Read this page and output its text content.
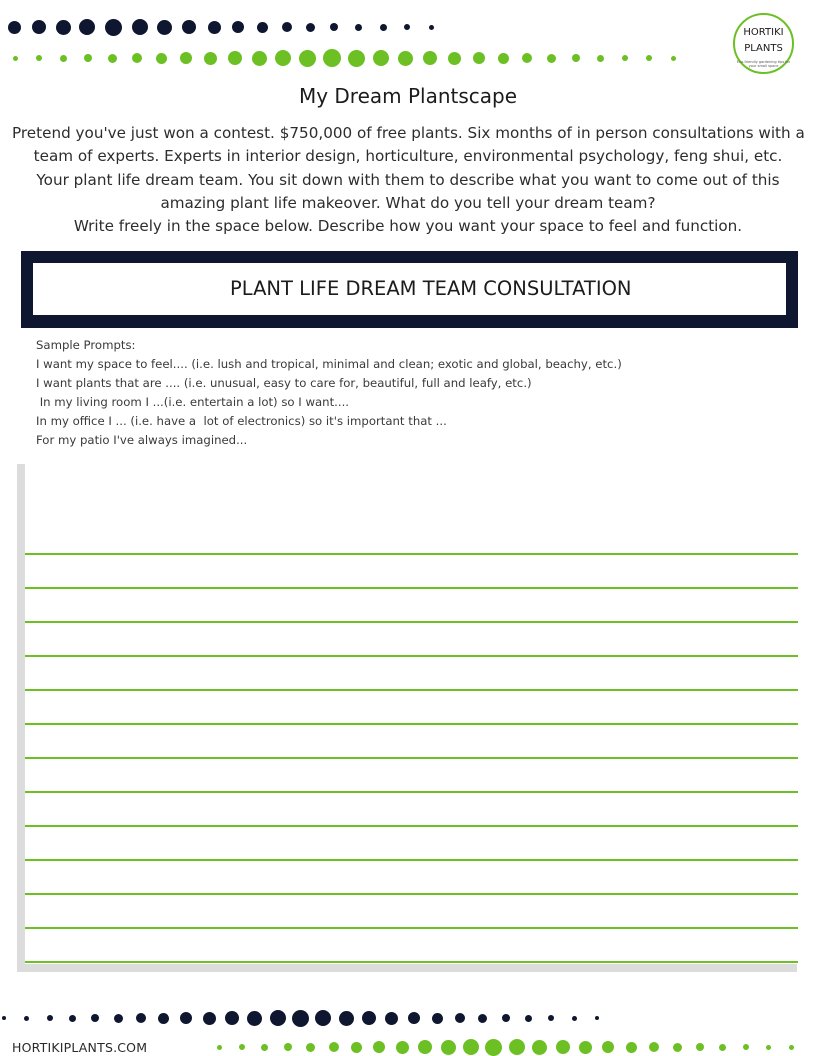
HORTIKI
PLANTS
Eco-friendly gardening tips for your small space
My Dream Plantscape
Pretend you've just won a contest. $750,000 of free plants. Six months of in person consultations with a
team of experts. Experts in interior design, horticulture, environmental psychology, feng shui, etc.
Your plant life dream team. You sit down with them to describe what you want to come out of this
amazing plant life makeover. What do you tell your dream team?
Write freely in the space below. Describe how you want your space to feel and function.
PLANT LIFE DREAM TEAM CONSULTATION
Sample Prompts:
I want my space to feel.... (i.e. lush and tropical, minimal and clean; exotic and global, beachy, etc.)
I want plants that are .... (i.e. unusual, easy to care for, beautiful, full and leafy, etc.)
In my living room I ...(i.e. entertain a lot) so I want....
In my office I ... (i.e. have a  lot of electronics) so it's important that ...
For my patio I've always imagined...
HORTIKIPLANTS.COM
